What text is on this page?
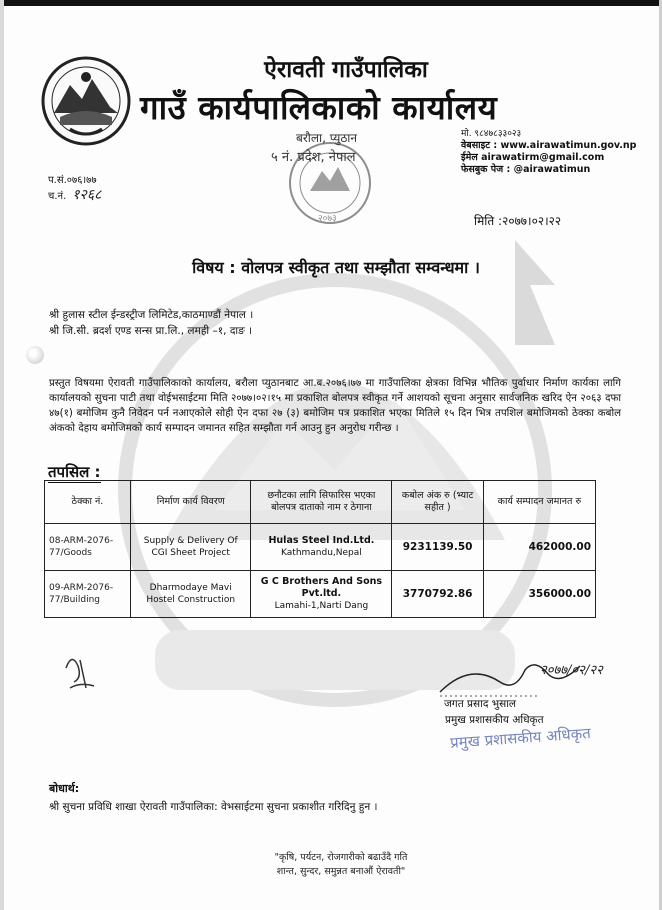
ऐरावती गाउँपालिका
गाउँ कार्यपालिकाको कार्यालय
बराैला, प्युठान
५ नं. प्रदेश, नेपाल
मो. ९८४७८३३०२३
वेबसाइट : www.airawatimun.gov.np
ईमेल airawatirm@gmail.com
फेसबुक पेज : @airawatimun
२०७३
प.सं.०७६।७७
च.नं. १२६८
मिति :२०७७।०२।२२
विषय : वोलपत्र स्वीकृत तथा सम्झौता सम्वन्धमा ।
श्री हुलास स्टील ईन्डस्ट्रीज लिमिटेड,काठमाण्डौं नेपाल ।
श्री जि.सी. ब्रदर्श एण्ड सन्स प्रा.लि., लमही –१, दाङ ।
प्रस्तुत विषयमा ऐरावती गाउँपालिकाको कार्यालय, बरौला प्युठानबाट आ.ब.२०७६।७७ मा गाउँपालिका क्षेत्रका विभिन्न भौतिक पुर्वाधार निर्माण कार्यका लागि कार्यालयको सुचना पाटी तथा वोईभसाईटमा मिति २०७७।०२।१५ मा प्रकाशित बोलपत्र स्वीकृत गर्ने आशयको सूचना अनुसार सार्वजनिक खरिद ऐन २०६३ दफा ४७(१) बमोजिम कुनै निवेदन पर्न नआएकोले सोही ऐन दफा २७ (३) बमोजिम पत्र प्रकाशित भएका मितिले १५ दिन भित्र तपशिल बमोजिमको ठेक्का कबोल अंकको देहाय बमोजिमको कार्य सम्पादन जमानत सहित सम्झौता गर्न आउनु हुन अनुरोध गरीन्छ ।
तपसिल :
ठेक्का नं.	निर्माण कार्य विवरण	छनौटका लागि सिफारिस भएका बोलपत्र दाताको नाम र ठेगाना	कबोल अंक रु (भ्याट सहीत )	कार्य सम्पादन जमानत रु
08-ARM-2076-77/Goods	Supply & Delivery Of CGI Sheet Project	Hulas Steel Ind.Ltd.
Kathmandu,Nepal	9231139.50	462000.00
09-ARM-2076-77/Building	Dharmodaye Mavi Hostel Construction	G C Brothers And Sons Pvt.ltd.
Lamahi-1,Narti Dang	3770792.86	356000.00
२०७७/०२/२२
जगत प्रसाद भुसाल
प्रमुख प्रशासकीय अधिकृत
प्रमुख प्रशासकीय अधिकृत
बोधार्थ:
श्री सुचना प्रविधि शाखा ऐरावती गाउँपालिका: वेभसाईटमा सुचना प्रकाशीत गरिदिनु हुन ।
"कृषि, पर्यटन, रोजगारीको बढाउँदै गति
शान्त, सुन्दर, समुन्नत बनाऔं ऐरावती"
